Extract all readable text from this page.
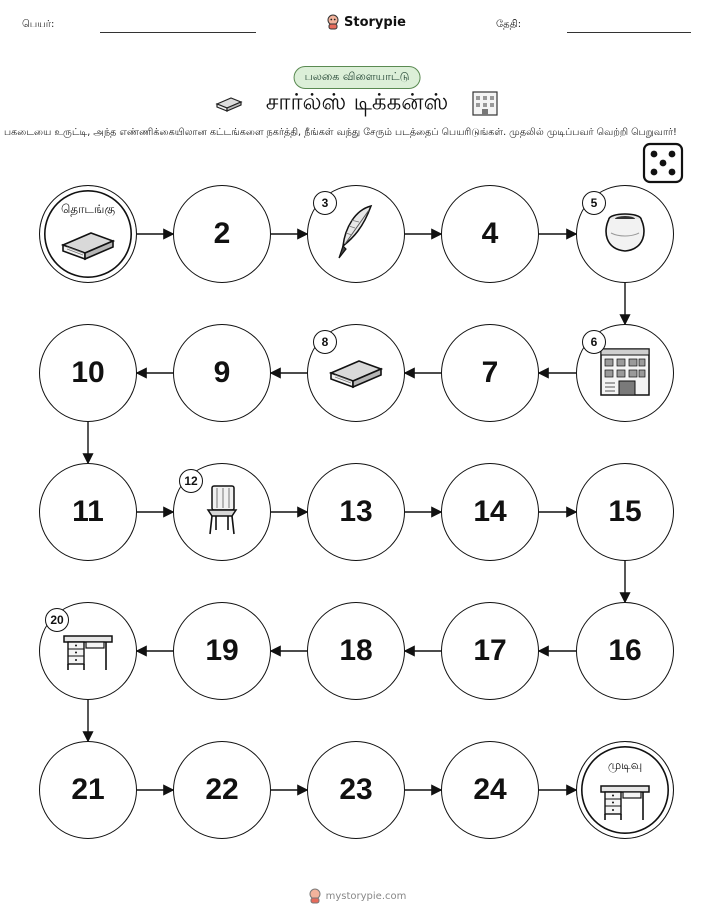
பெயர்:	Storypie	தேதி:
பலகை விளையாட்டு
சார்ல்ஸ் டிக்கன்ஸ்
பகடையை உருட்டி, அந்த எண்ணிக்கையிலான கட்டங்களை நகர்த்தி, நீங்கள் வந்து சேரும் படத்தைப் பெயரிடுங்கள். முதலில் முடிப்பவர் வெற்றி பெறுவார்!
தொடங்கு
2
3
4
5
6
7
8
9
10
11
12
13	14	15
16
17
18
19
20
21	22	23	24
முடிவு
mystorypie.com
